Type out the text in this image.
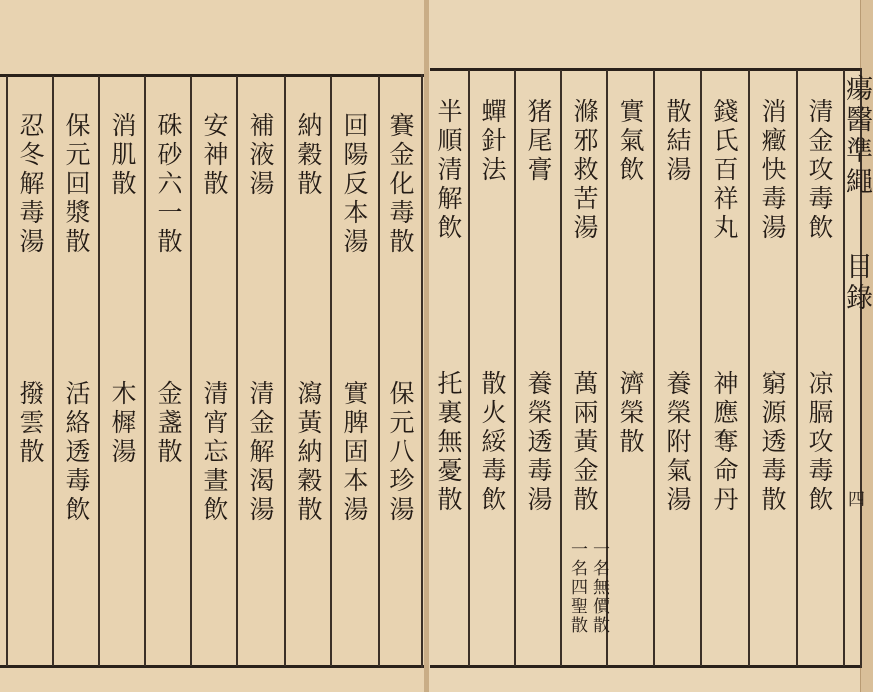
瘍醫準繩
目錄
四
清金攻毒飲
凉膈攻毒飲
消癥快毒湯
窮源透毒散
錢氏百祥丸
神應奪命丹
散結湯
養榮附氣湯
實氣飲
濟榮散
滌邪救苦湯
萬兩黃金散
一名無價散
一名四聖散
猪尾膏
養榮透毒湯
蟬針法
散火綏毒飲
半順清解飲
托裏無憂散
賽金化毒散
保元八珍湯
回陽反本湯
實脾固本湯
納穀散
瀉黃納穀散
補液湯
清金解渴湯
安神散
清宵忘晝飲
硃砂六一散
金盞散
消肌散
木樨湯
保元回漿散
活絡透毒飲
忍冬解毒湯
撥雲散
